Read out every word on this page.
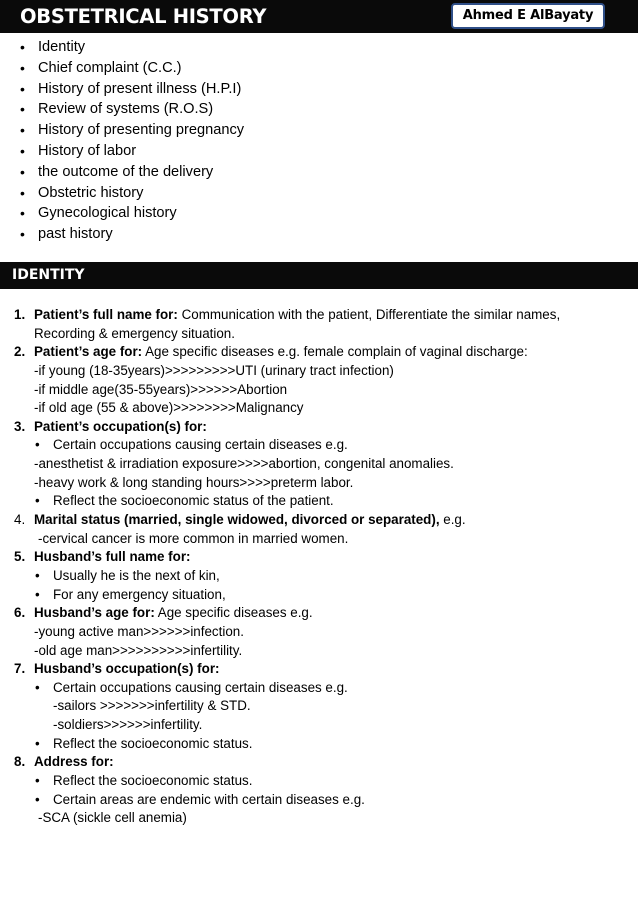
OBSTETRICAL HISTORY	Ahmed E AlBayaty
• Identity
• Chief complaint (C.C.)
• History of present illness (H.P.I)
• Review of systems (R.O.S)
• History of presenting pregnancy
• History of labor
• the outcome of the delivery
• Obstetric history
• Gynecological history
• past history
IDENTITY
1. Patient’s full name for: Communication with the patient, Differentiate the similar names,
Recording & emergency situation.
2. Patient’s age for: Age specific diseases e.g. female complain of vaginal discharge:
-if young (18-35years)>>>>>>>>>UTI (urinary tract infection)
-if middle age(35-55years)>>>>>>Abortion
-if old age (55 & above)>>>>>>>>Malignancy
3. Patient’s occupation(s) for:
• Certain occupations causing certain diseases e.g.
-anesthetist & irradiation exposure>>>>abortion, congenital anomalies.
-heavy work & long standing hours>>>>preterm labor.
• Reflect the socioeconomic status of the patient.
4. Marital status (married, single widowed, divorced or separated), e.g.
-cervical cancer is more common in married women.
5. Husband’s full name for:
• Usually he is the next of kin,
• For any emergency situation,
6. Husband’s age for: Age specific diseases e.g.
-young active man>>>>>>infection.
-old age man>>>>>>>>>>infertility.
7. Husband’s occupation(s) for:
• Certain occupations causing certain diseases e.g.
-sailors >>>>>>>infertility & STD.
-soldiers>>>>>>infertility.
• Reflect the socioeconomic status.
8. Address for:
• Reflect the socioeconomic status.
• Certain areas are endemic with certain diseases e.g.
-SCA (sickle cell anemia)
